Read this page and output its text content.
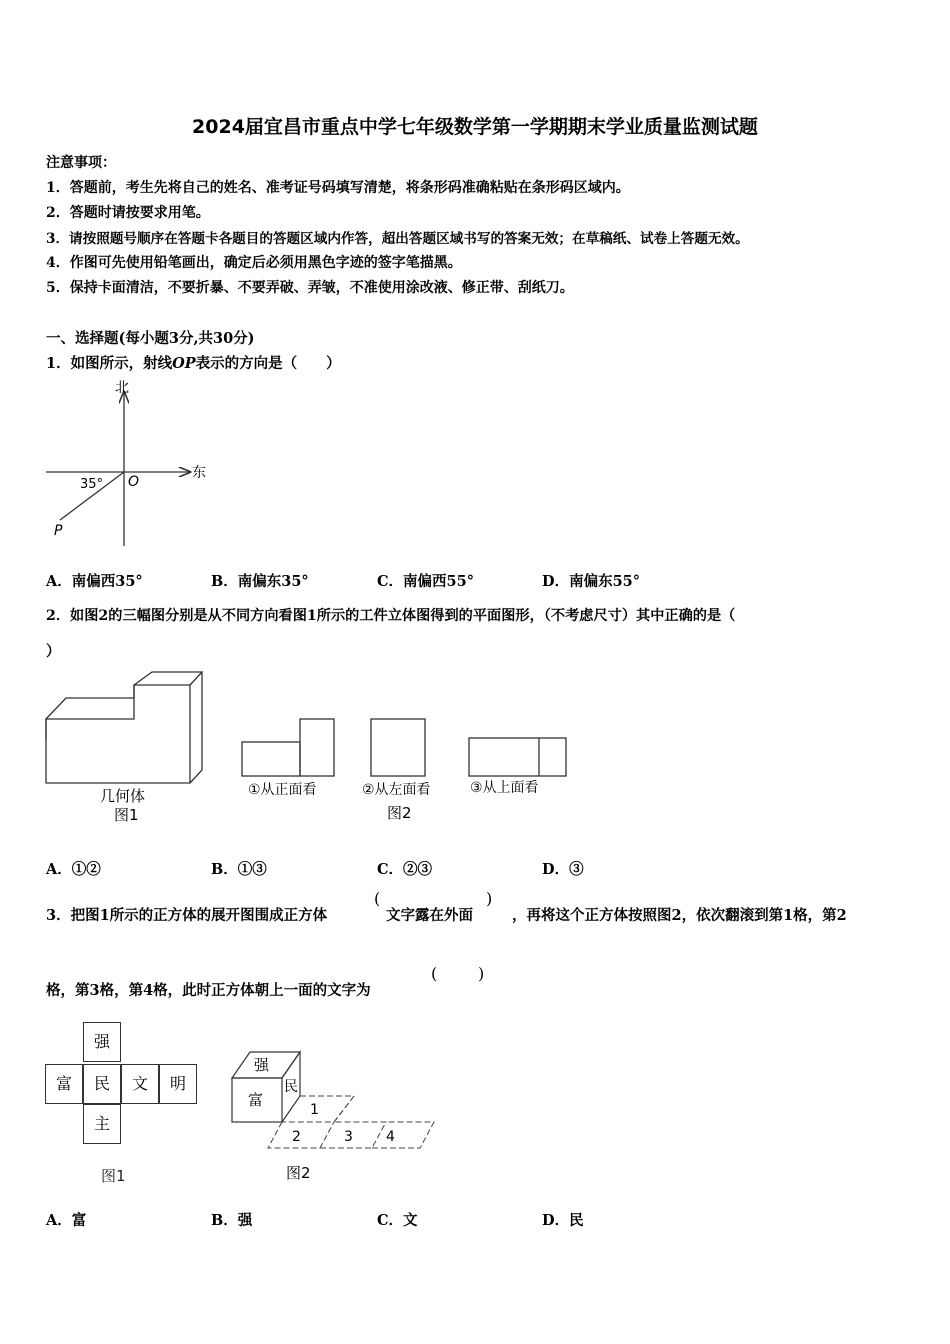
2024届宜昌市重点中学七年级数学第一学期期末学业质量监测试题
注意事项：
1．答题前，考生先将自己的姓名、准考证号码填写清楚，将条形码准确粘贴在条形码区域内。
2．答题时请按要求用笔。
3．请按照题号顺序在答题卡各题目的答题区域内作答，超出答题区域书写的答案无效；在草稿纸、试卷上答题无效。
4．作图可先使用铅笔画出，确定后必须用黑色字迹的签字笔描黑。
5．保持卡面清洁，不要折暴、不要弄破、弄皱，不准使用涂改液、修正带、刮纸刀。
一、选择题(每小题3分,共30分)
1．如图所示，射线OP表示的方向是（　　）
北
东
35° O
P
A．南偏西35°	B．南偏东35°	C．南偏西55°	D．南偏东55°
2．如图2的三幅图分别是从不同方向看图1所示的工件立体图得到的平面图形，（不考虑尺寸）其中正确的是（
）
几何体
图1
①从正面看	②从左面看	③从上面看
图2
A．①②	B．①③	C．②③	D．③
3．把图1所示的正方体的展开图围成正方体
(
文字露在外面
)
，再将这个正方体按照图2，依次翻滚到第1格，第2
格，第3格，第4格，此时正方体朝上一面的文字为
(	)
强
富	民	文	明
主
图1
强
富
民
1
2	3 4
图2
A．富	B．强	C．文	D．民
